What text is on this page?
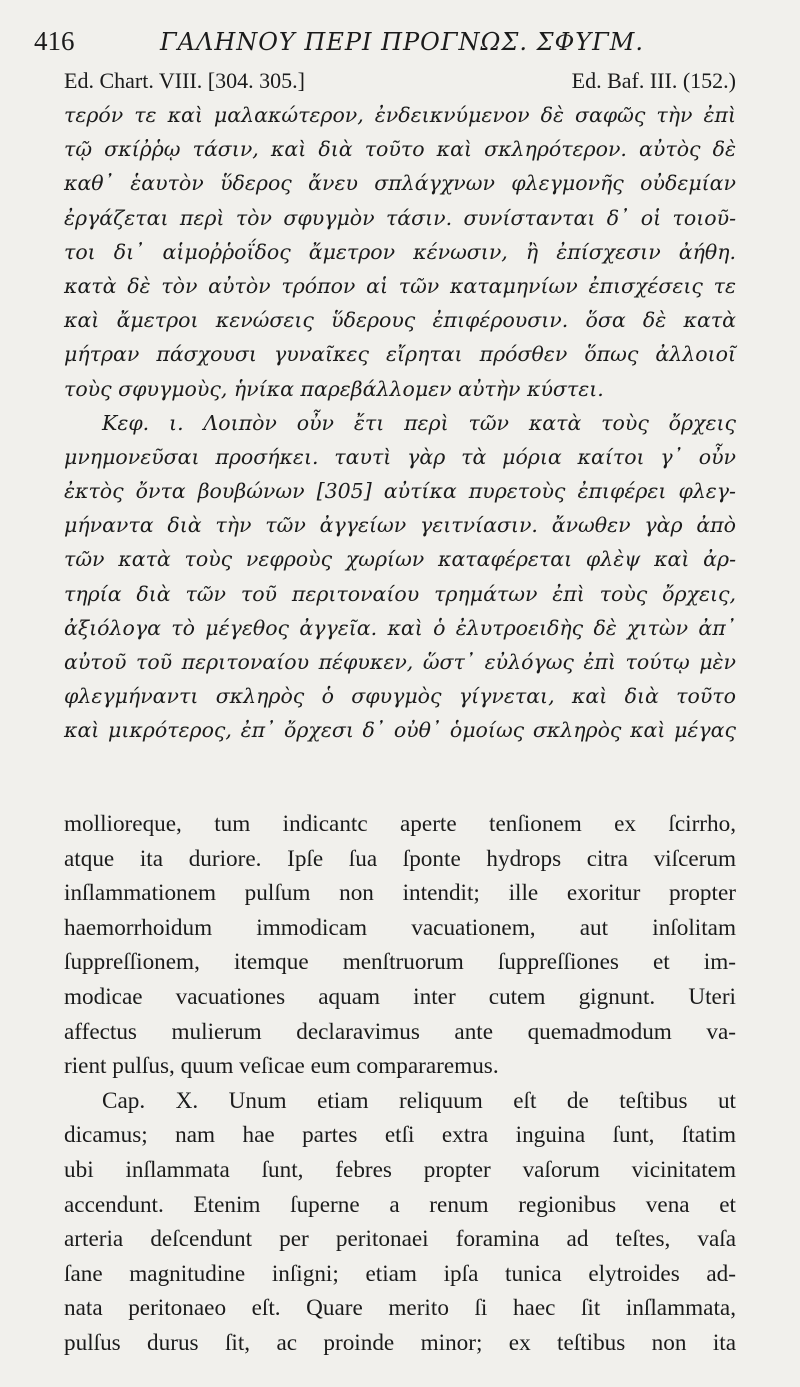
416	ΓΑΛΗΝΟΥ ΠΕΡΙ ΠΡΟΓΝΩΣ. ΣΦΥΓΜ.
Ed. Chart. VIII. [304. 305.]	Ed. Baf. III. (152.)
τερόν τε καὶ μαλακώτερον, ἐνδεικνύμενον δὲ σαφῶς τὴν ἐπὶ
τῷ σκίῤῥῳ τάσιν, καὶ διὰ τοῦτο καὶ σκληρότερον. αὐτὸς δὲ
καθ᾽ ἑαυτὸν ὕδερος ἄνευ σπλάγχνων φλεγμονῆς οὐδεμίαν
ἐργάζεται περὶ τὸν σφυγμὸν τάσιν. συνίστανται δ᾽ οἱ τοιοῦ-
τοι δι᾽ αἱμοῤῥοΐδος ἄμετρον κένωσιν, ἢ ἐπίσχεσιν ἀήθη.
κατὰ δὲ τὸν αὐτὸν τρόπον αἱ τῶν καταμηνίων ἐπισχέσεις τε
καὶ ἄμετροι κενώσεις ὕδερους ἐπιφέρουσιν. ὅσα δὲ κατὰ
μήτραν πάσχουσι γυναῖκες εἴρηται πρόσθεν ὅπως ἀλλοιοῖ
τοὺς σφυγμοὺς, ἡνίκα παρεβάλλομεν αὐτὴν κύστει.
Κεφ. ι. Λοιπὸν οὖν ἔτι περὶ τῶν κατὰ τοὺς ὄρχεις
μνημονεῦσαι προσήκει. ταυτὶ γὰρ τὰ μόρια καίτοι γ᾽ οὖν
ἐκτὸς ὄντα βουβώνων [305] αὐτίκα πυρετοὺς ἐπιφέρει φλεγ-
μήναντα διὰ τὴν τῶν ἀγγείων γειτνίασιν. ἄνωθεν γὰρ ἀπὸ
τῶν κατὰ τοὺς νεφροὺς χωρίων καταφέρεται φλὲψ καὶ ἀρ-
τηρία διὰ τῶν τοῦ περιτοναίου τρημάτων ἐπὶ τοὺς ὄρχεις,
ἀξιόλογα τὸ μέγεθος ἀγγεῖα. καὶ ὁ ἐλυτροειδὴς δὲ χιτὼν ἀπ᾽
αὐτοῦ τοῦ περιτοναίου πέφυκεν, ὥστ᾽ εὐλόγως ἐπὶ τούτῳ μὲν
φλεγμήναντι σκληρὸς ὁ σφυγμὸς γίγνεται, καὶ διὰ τοῦτο
καὶ μικρότερος, ἐπ᾽ ὄρχεσι δ᾽ οὐθ᾽ ὁμοίως σκληρὸς καὶ μέγας
mollioreque, tum indicantc aperte tenſionem ex ſcirrho,
atque ita duriore. Ipſe ſua ſponte hydrops citra viſcerum
inſlammationem pulſum non intendit; ille exoritur propter
haemorrhoidum immodicam vacuationem, aut inſolitam
ſuppreſſionem, itemque menſtruorum ſuppreſſiones et im-
modicae vacuationes aquam inter cutem gignunt. Uteri
affectus mulierum declaravimus ante quemadmodum va-
rient pulſus, quum veſicae eum compararemus.
Cap. X. Unum etiam reliquum eſt de teſtibus ut
dicamus; nam hae partes etſi extra inguina ſunt, ſtatim
ubi inſlammata ſunt, febres propter vaſorum vicinitatem
accendunt. Etenim ſuperne a renum regionibus vena et
arteria deſcendunt per peritonaei foramina ad teſtes, vaſa
ſane magnitudine inſigni; etiam ipſa tunica elytroides ad-
nata peritonaeo eſt. Quare merito ſi haec ſit inſlammata,
pulſus durus ſit, ac proinde minor; ex teſtibus non ita
